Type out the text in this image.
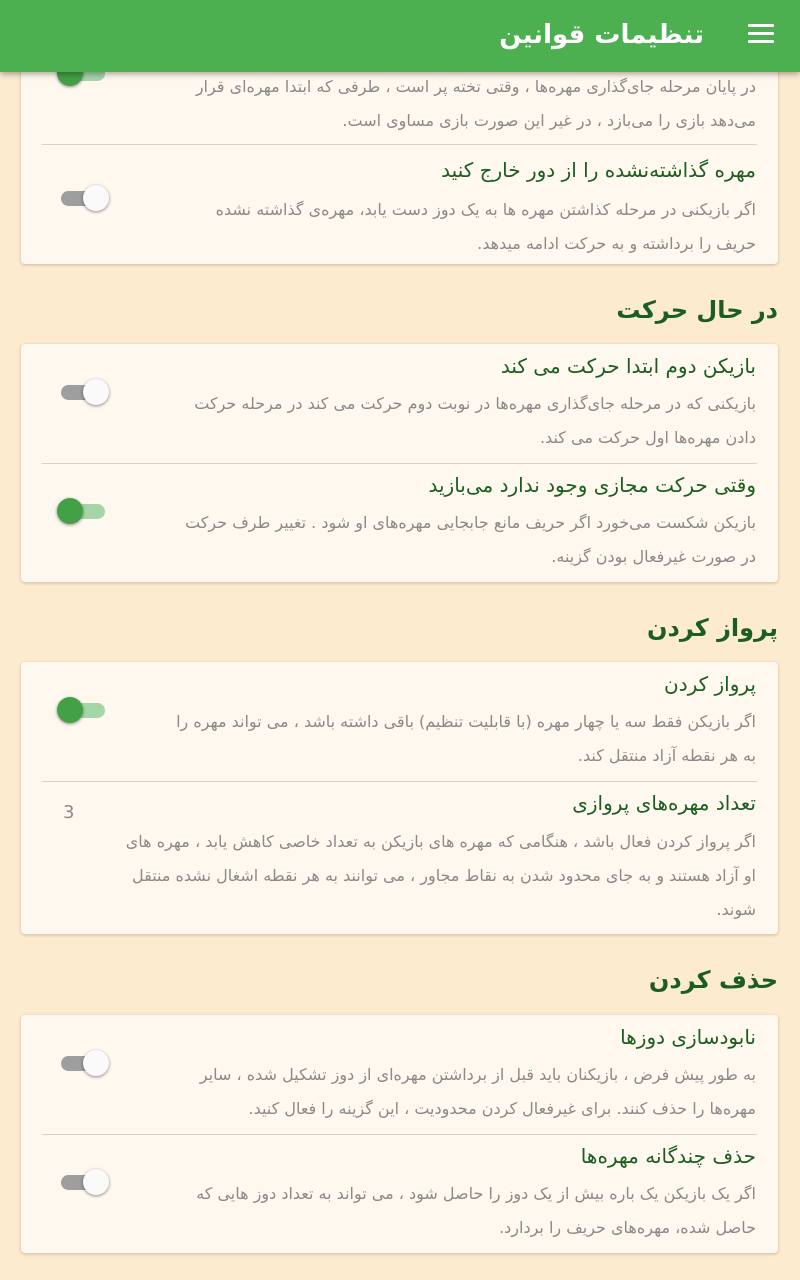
در پایان مرحله جای‌گذاری مهره‌ها ، وقتی تخته پر است ، طرفی که ابتدا مهره‌ای قرار
می‌دهد بازی را می‌بازد ، در غیر این صورت بازی مساوی است.
مهره گذاشته‌نشده را از دور خارج کنید
اگر بازیکنی در مرحله کذاشتن مهره ها به یک دوز دست یابد، مهره‌ی گذاشته نشده
حریف را برداشته و به حرکت ادامه میدهد.
در حال حرکت
بازیکن دوم ابتدا حرکت می کند
بازیکنی که در مرحله جای‌گذاری مهره‌ها در نوبت دوم حرکت می کند در مرحله حرکت
دادن مهره‌ها اول حرکت می کند.
وقتی حرکت مجازی وجود ندارد می‌بازید
بازیکن شکست می‌خورد اگر حریف مانع جابجایی مهره‌های او شود . تغییر طرف حرکت
در صورت غیرفعال بودن گزینه.
پرواز کردن
پرواز کردن
اگر بازیکن فقط سه یا چهار مهره (با قابلیت تنظیم) باقی داشته باشد ، می تواند مهره را
به هر نقطه آزاد منتقل کند.
تعداد مهره‌های پروازی
3
اگر پرواز کردن فعال باشد ، هنگامی که مهره های بازیکن به تعداد خاصی کاهش یابد ، مهره های
او آزاد هستند و به جای محدود شدن به نقاط مجاور ، می توانند به هر نقطه اشغال نشده منتقل
شوند.
حذف کردن
نابودسازی دوزها
به طور پیش فرض ، بازیکنان باید قبل از برداشتن مهره‌ای از دوز تشکیل شده ، سایر
مهره‌ها را حذف کنند. برای غیرفعال کردن محدودیت ، این گزینه را فعال کنید.
حذف چندگانه مهره‌ها
اگر یک بازیکن یک باره بیش از یک دوز را حاصل شود ، می تواند به تعداد دوز هایی که
حاصل شده، مهره‌های حریف را بردارد.
تنظیمات قوانین
